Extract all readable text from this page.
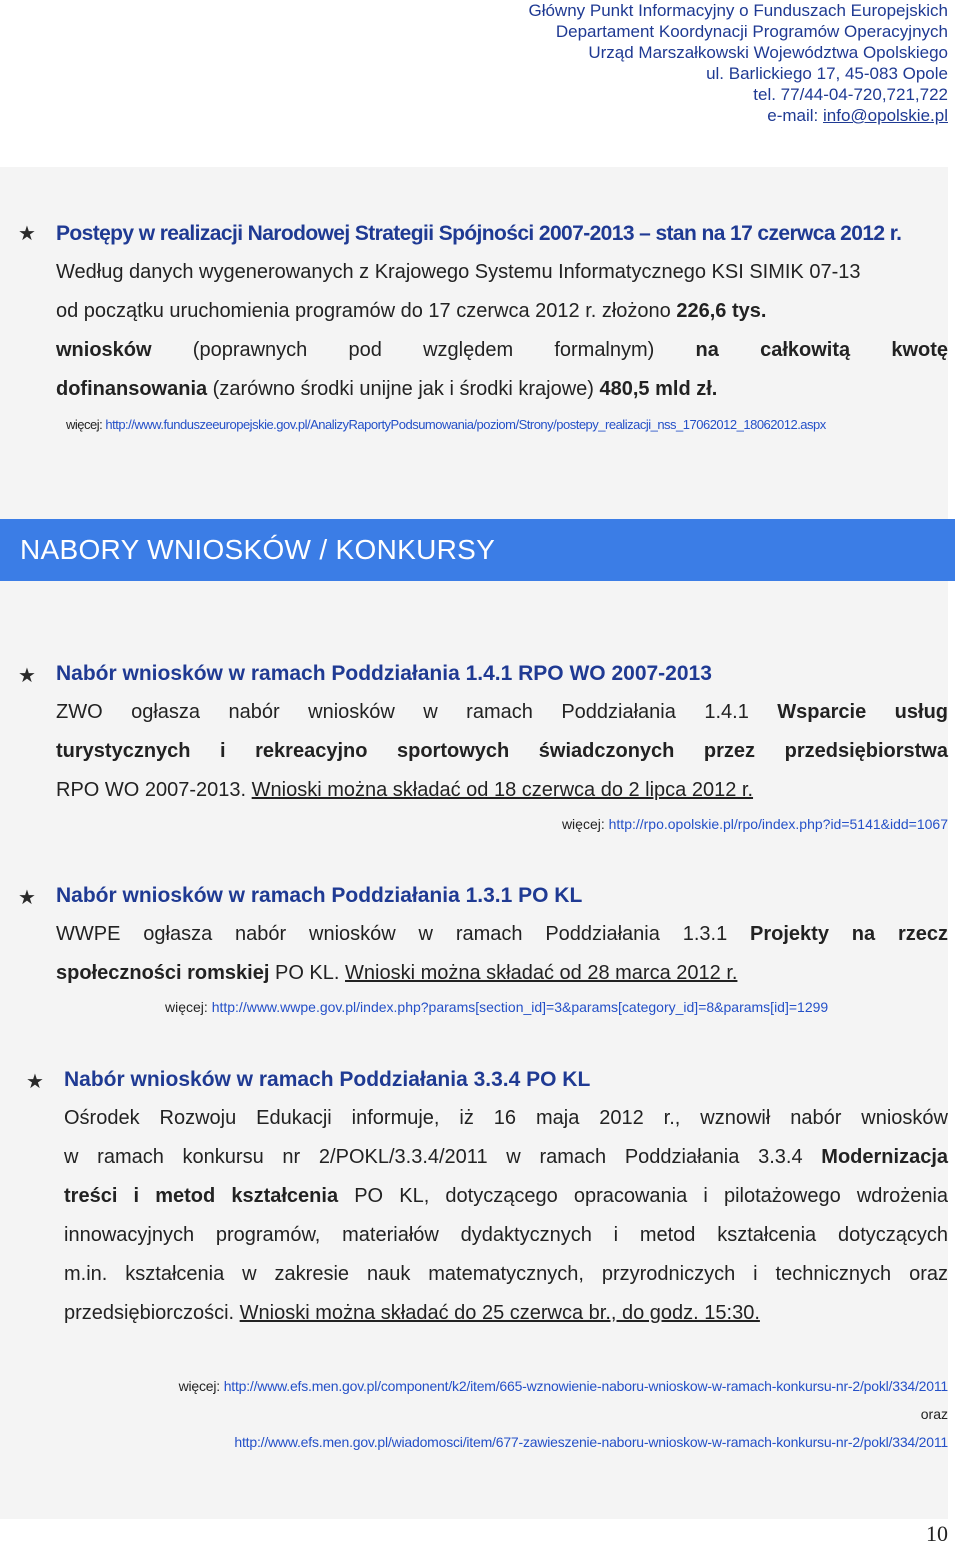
Główny Punkt Informacyjny o Funduszach Europejskich
Departament Koordynacji Programów Operacyjnych
Urząd Marszałkowski Województwa Opolskiego
ul. Barlickiego 17, 45-083 Opole
tel. 77/44-04-720,721,722
e-mail: info@opolskie.pl
★ Postępy w realizacji Narodowej Strategii Spójności 2007-2013 – stan na 17 czerwca 2012 r.
Według danych wygenerowanych z Krajowego Systemu Informatycznego KSI SIMIK 07-13
od początku uruchomienia programów do 17 czerwca 2012 r. złożono 226,6 tys.
wniosków (poprawnych pod względem formalnym) na całkowitą kwotę
dofinansowania (zarówno środki unijne jak i środki krajowe) 480,5 mld zł.
więcej: http://www.funduszeeuropejskie.gov.pl/AnalizyRaportyPodsumowania/poziom/Strony/postepy_realizacji_nss_17062012_18062012.aspx
NABORY WNIOSKÓW / KONKURSY
★ Nabór wniosków w ramach Poddziałania 1.4.1 RPO WO 2007-2013
ZWO ogłasza nabór wniosków w ramach Poddziałania 1.4.1 Wsparcie usług
turystycznych i rekreacyjno sportowych świadczonych przez przedsiębiorstwa
RPO WO 2007-2013. Wnioski można składać od 18 czerwca do 2 lipca 2012 r.
więcej: http://rpo.opolskie.pl/rpo/index.php?id=5141&idd=1067
★ Nabór wniosków w ramach Poddziałania 1.3.1 PO KL
WWPE ogłasza nabór wniosków w ramach Poddziałania 1.3.1 Projekty na rzecz
społeczności romskiej PO KL. Wnioski można składać od 28 marca 2012 r.
więcej: http://www.wwpe.gov.pl/index.php?params[section_id]=3&params[category_id]=8&params[id]=1299
★ Nabór wniosków w ramach Poddziałania 3.3.4 PO KL
Ośrodek Rozwoju Edukacji informuje, iż 16 maja 2012 r., wznowił nabór wniosków
w ramach konkursu nr 2/POKL/3.3.4/2011 w ramach Poddziałania 3.3.4 Modernizacja
treści i metod kształcenia PO KL, dotyczącego opracowania i pilotażowego wdrożenia
innowacyjnych programów, materiałów dydaktycznych i metod kształcenia dotyczących
m.in. kształcenia w zakresie nauk matematycznych, przyrodniczych i technicznych oraz
przedsiębiorczości. Wnioski można składać do 25 czerwca br., do godz. 15:30.
więcej: http://www.efs.men.gov.pl/component/k2/item/665-wznowienie-naboru-wnioskow-w-ramach-konkursu-nr-2/pokl/334/2011
oraz
http://www.efs.men.gov.pl/wiadomosci/item/677-zawieszenie-naboru-wnioskow-w-ramach-konkursu-nr-2/pokl/334/2011
10
